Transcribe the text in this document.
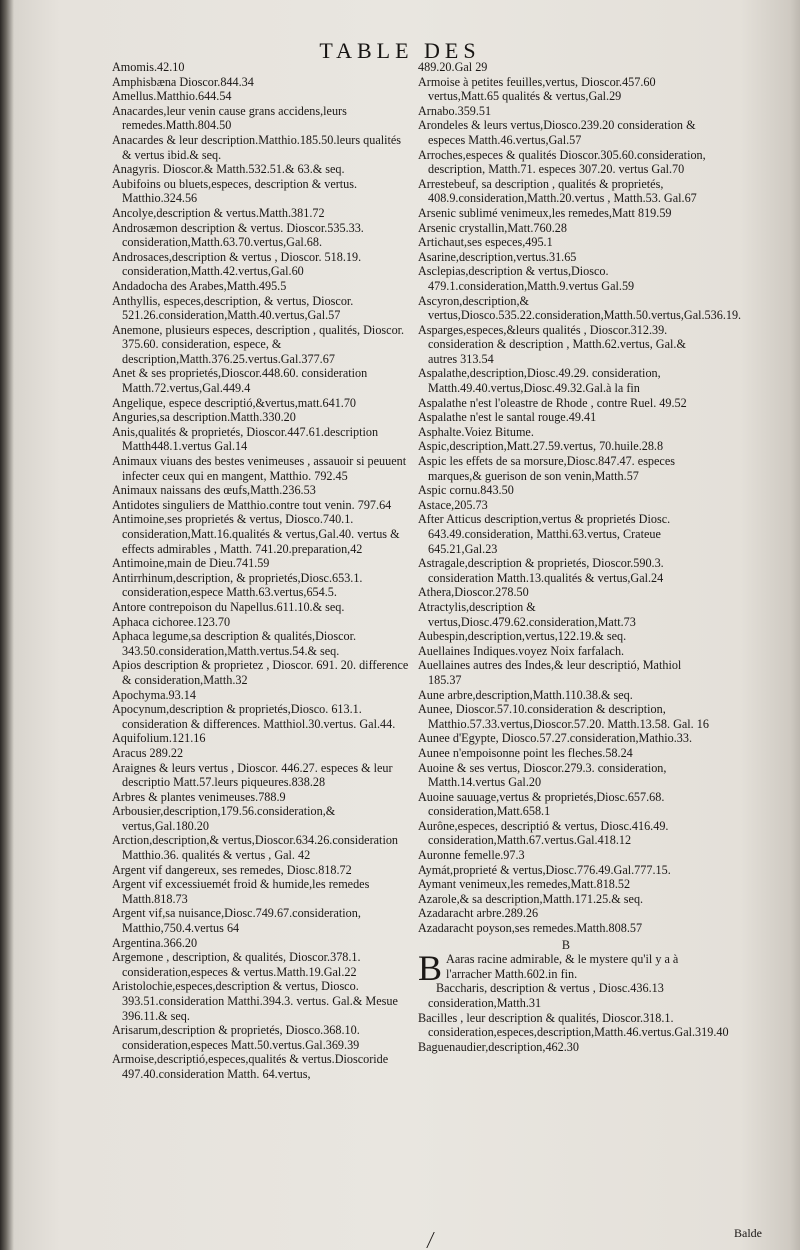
TABLE DES

Amomis.42.10

Amphisbæna Dioscor.844.34

Amellus.Matthio.644.54

Anacardes,leur venin cause grans accidens,leurs remedes.Matth.804.50

Anacardes & leur description.Matthio.185.50.leurs qualités & vertus ibid.& seq.

Anagyris. Dioscor.& Matth.532.51.& 63.& seq.

Aubifoins ou bluets,especes, description & vertus. Matthio.324.56

Ancolye,description & vertus.Matth.381.72

Androsæmon description & vertus. Dioscor.535.33. consideration,Matth.63.70.vertus,Gal.68.

Androsaces,description & vertus , Dioscor. 518.19. consideration,Matth.42.vertus,Gal.60

Andadocha des Arabes,Matth.495.5

Anthyllis, especes,description, & vertus, Dioscor. 521.26.consideration,Matth.40.vertus,Gal.57

Anemone, plusieurs especes, description , qualités, Dioscor. 375.60. consideration, espece, & description,Matth.376.25.vertus.Gal.377.67

Anet & ses proprietés,Dioscor.448.60. consideration Matth.72.vertus,Gal.449.4

Angelique, espece descriptió,&vertus,matt.641.70

Anguries,sa description.Matth.330.20

Anis,qualités & proprietés, Dioscor.447.61.description Matth448.1.vertus Gal.14

Animaux viuans des bestes venimeuses , assauoir si peuuent infecter ceux qui en mangent, Matthio. 792.45

Animaux naissans des œufs,Matth.236.53

Antidotes singuliers de Matthio.contre tout venin. 797.64

Antimoine,ses proprietés & vertus, Diosco.740.1. consideration,Matt.16.qualités & vertus,Gal.40. vertus & effects admirables , Matth. 741.20.preparation,42

Antimoine,main de Dieu.741.59

Antirrhinum,description, & proprietés,Diosc.653.1. consideration,espece Matth.63.vertus,654.5.

Antore contrepoison du Napellus.611.10.& seq.

Aphaca cichoree.123.70

Aphaca legume,sa description & qualités,Dioscor. 343.50.consideration,Matth.vertus.54.& seq.

Apios description & proprietez , Dioscor. 691. 20. difference & consideration,Matth.32

Apochyma.93.14

Apocynum,description & proprietés,Diosco. 613.1. consideration & differences. Matthiol.30.vertus. Gal.44.

Aquifolium.121.16

Aracus 289.22

Araignes & leurs vertus , Dioscor. 446.27. especes & leur descriptio Matt.57.leurs piqueures.838.28

Arbres & plantes venimeuses.788.9

Arbousier,description,179.56.consideration,& vertus,Gal.180.20

Arction,description,& vertus,Dioscor.634.26.consideration Matthio.36. qualités & vertus , Gal. 42

Argent vif dangereux, ses remedes, Diosc.818.72

Argent vif excessiuemét froid & humide,les remedes Matth.818.73

Argent vif,sa nuisance,Diosc.749.67.consideration, Matthio,750.4.vertus 64

Argentina.366.20

Argemone , description, & qualités, Dioscor.378.1. consideration,especes & vertus.Matth.19.Gal.22

Aristolochie,especes,description & vertus, Diosco. 393.51.consideration Matthi.394.3. vertus. Gal.& Mesue 396.11.& seq.

Arisarum,description & proprietés, Diosco.368.10. consideration,especes Matt.50.vertus.Gal.369.39

Armoise,descriptió,especes,qualités & vertus.Dioscoride 497.40.consideration Matth. 64.vertus,

489.20.Gal 29

Armoise à petites feuilles,vertus, Dioscor.457.60 vertus,Matt.65 qualités & vertus,Gal.29

Arnabo.359.51

Arondeles & leurs vertus,Diosco.239.20 consideration & especes Matth.46.vertus,Gal.57

Arroches,especes & qualités Dioscor.305.60.consideration, description, Matth.71. especes 307.20. vertus Gal.70

Arrestebeuf, sa description , qualités & proprietés, 408.9.consideration,Matth.20.vertus , Matth.53. Gal.67

Arsenic sublimé venimeux,les remedes,Matt 819.59

Arsenic crystallin,Matt.760.28

Artichaut,ses especes,495.1

Asarine,description,vertus.31.65

Asclepias,description & vertus,Diosco. 479.1.consideration,Matth.9.vertus Gal.59

Ascyron,description,& vertus,Diosco.535.22.consideration,Matth.50.vertus,Gal.536.19.

Asparges,especes,&leurs qualités , Dioscor.312.39. consideration & description , Matth.62.vertus, Gal.& autres 313.54

Aspalathe,description,Diosc.49.29. consideration, Matth.49.40.vertus,Diosc.49.32.Gal.à la fin

Aspalathe n'est l'oleastre de Rhode , contre Ruel. 49.52

Aspalathe n'est le santal rouge.49.41

Asphalte.Voiez Bitume.

Aspic,description,Matt.27.59.vertus, 70.huile.28.8

Aspic les effets de sa morsure,Diosc.847.47. especes marques,& guerison de son venin,Matth.57

Aspic cornu.843.50

Astace,205.73

After Atticus description,vertus & proprietés Diosc. 643.49.consideration, Matthi.63.vertus, Crateue 645.21,Gal.23

Astragale,description & proprietés, Dioscor.590.3. consideration Matth.13.qualités & vertus,Gal.24

Athera,Dioscor.278.50

Atractylis,description & vertus,Diosc.479.62.consideration,Matt.73

Aubespin,description,vertus,122.19.& seq.

Auellaines Indiques.voyez Noix farfalach.

Auellaines autres des Indes,& leur descriptió, Mathiol 185.37

Aune arbre,description,Matth.110.38.& seq.

Aunee, Dioscor.57.10.consideration & description, Matthio.57.33.vertus,Dioscor.57.20. Matth.13.58. Gal. 16

Aunee d'Egypte, Diosco.57.27.consideration,Mathio.33.

Aunee n'empoisonne point les fleches.58.24

Auoine & ses vertus, Dioscor.279.3. consideration, Matth.14.vertus Gal.20

Auoine sauuage,vertus & proprietés,Diosc.657.68. consideration,Matt.658.1

Aurône,especes, descriptió & vertus, Diosc.416.49. consideration,Matth.67.vertus.Gal.418.12

Auronne femelle.97.3

Aymát,proprieté & vertus,Diosc.776.49.Gal.777.15.

Aymant venimeux,les remedes,Matt.818.52

Azarole,& sa description,Matth.171.25.& seq.

Azadaracht arbre.289.26

Azadaracht poyson,ses remedes.Matth.808.57

B

B Aaras racine admirable, & le mystere qu'il y a à l'arracher Matth.602.in fin.

Baccharis, description & vertus , Diosc.436.13 consideration,Matth.31

Bacilles , leur description & qualités, Dioscor.318.1. consideration,especes,description,Matth.46.vertus.Gal.319.40

Baguenaudier,description,462.30

Balde
